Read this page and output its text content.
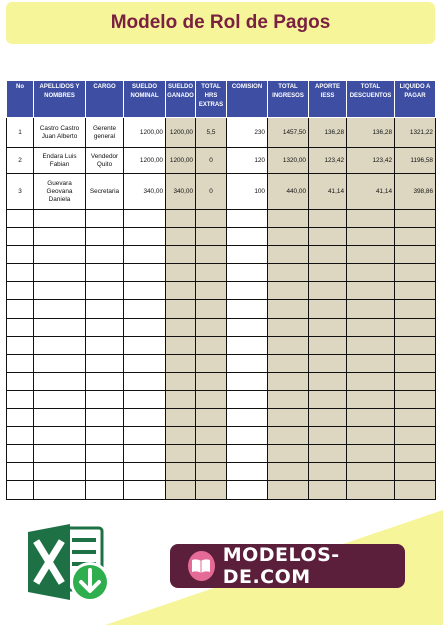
Modelo de Rol de Pagos
No	APELLIDOS Y NOMBRES	CARGO	SUELDO NOMINAL	SUELDO GANADO	TOTAL HRS EXTRAS	COMISION	TOTAL INGRESOS	APORTE IESS	TOTAL DESCUENTOS	LIQUIDO A PAGAR
1	Castro Castro Juan Alberto	Gerente general	1200,00	1200,00	5,5	230	1457,50	136,28	136,28	1321,22
2	Endara Luis Fabian	Vendedor Quito	1200,00	1200,00	0	120	1320,00	123,42	123,42	1196,58
3	Guevara Geovana Daniela	Secretaria	340,00	340,00	0	100	440,00	41,14	41,14	398,86

MODELOS-DE.COM
